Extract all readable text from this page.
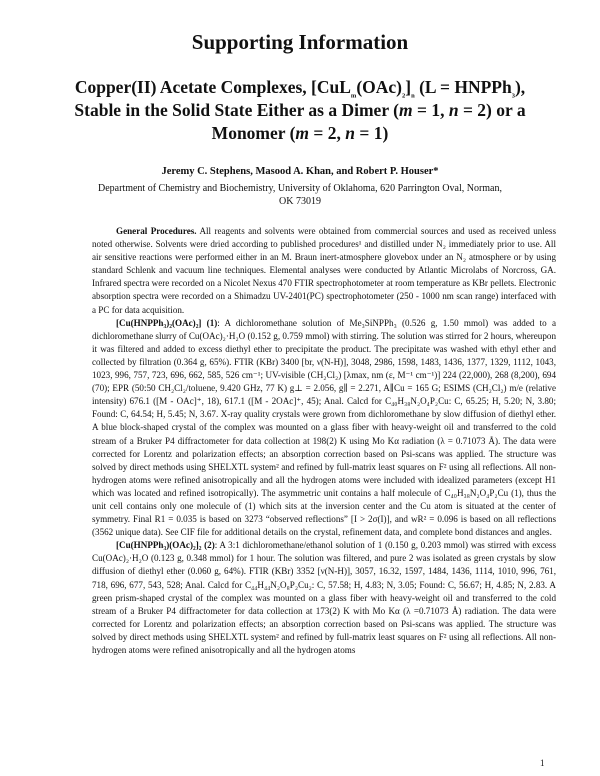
Supporting Information
Copper(II) Acetate Complexes, $[CuL_m(OAc)_2]_n$ (L = HNPPh$_3$), Stable in the Solid State Either as a Dimer (m = 1, n = 2) or a Monomer (m = 2, n = 1)
Jeremy C. Stephens, Masood A. Khan, and Robert P. Houser*
Department of Chemistry and Biochemistry, University of Oklahoma, 620 Parrington Oval, Norman, OK 73019

General Procedures. All reagents and solvents were obtained from commercial sources and used as received unless noted otherwise. Solvents were dried according to published procedures¹ and distilled under N₂ immediately prior to use. All air sensitive reactions were performed either in an M. Braun inert-atmosphere glovebox under an N₂ atmosphere or by using standard Schlenk and vacuum line techniques. Elemental analyses were conducted by Atlantic Microlabs of Norcross, GA. Infrared spectra were recorded on a Nicolet Nexus 470 FTIR spectrophotometer at room temperature as KBr pellets. Electronic absorption spectra were recorded on a Shimadzu UV-2401(PC) spectrophotometer (250 - 1000 nm scan range) interfaced with a PC for data acquisition.

[Cu(HNPPh₃)₂(OAc)₂] (1): A dichloromethane solution of Me₃SiNPPh₃ (0.526 g, 1.50 mmol) was added to a dichloromethane slurry of Cu(OAc)₂·H₂O (0.152 g, 0.759 mmol) with stirring. The solution was stirred for 2 hours, whereupon it was filtered and added to excess diethyl ether to precipitate the product. The precipitate was washed with ethyl ether and collected by filtration (0.364 g, 65%). FTIR (KBr) 3400 [br, ν(N-H)], 3048, 2986, 1598, 1483, 1436, 1377, 1329, 1112, 1043, 1023, 996, 757, 723, 696, 662, 585, 526 cm⁻¹; UV-visible (CH₂Cl₂) [λmax, nm (ε, M⁻¹ cm⁻¹)] 224 (22,000), 268 (8,200), 694 (70); EPR (50:50 CH₂Cl₂/toluene, 9.420 GHz, 77 K) g⊥ = 2.056, g∥ = 2.271, A∥Cu = 165 G; ESIMS (CH₂Cl₂) m/e (relative intensity) 676.1 ([M - OAc]⁺, 18), 617.1 ([M - 2OAc]⁺, 45); Anal. Calcd for C₄₀H₃₈N₂O₄P₂Cu: C, 65.25; H, 5.20; N, 3.80; Found: C, 64.54; H, 5.45; N, 3.67. X-ray quality crystals were grown from dichloromethane by slow diffusion of diethyl ether. A blue block-shaped crystal of the complex was mounted on a glass fiber with heavy-weight oil and transferred to the cold stream of a Bruker P4 diffractometer for data collection at 198(2) K using Mo Kα radiation (λ = 0.71073 Å). The data were corrected for Lorentz and polarization effects; an absorption correction based on Psi-scans was applied. The structure was solved by direct methods using SHELXTL system² and refined by full-matrix least squares on F² using all reflections. All non-hydrogen atoms were refined anisotropically and all the hydrogen atoms were included with idealized parameters (except H1 which was located and refined isotropically). The asymmetric unit contains a half molecule of C₄₀H₃₈N₂O₄P₂Cu (1), thus the unit cell contains only one molecule of (1) which sits at the inversion center and the Cu atom is situated at the center of symmetry. Final R1 = 0.035 is based on 3273 “observed reflections” [I > 2σ(I)], and wR² = 0.096 is based on all reflections (3562 unique data). See CIF file for additional details on the crystal, refinement data, and complete bond distances and angles.

[Cu(HNPPh₃)(OAc)₂]₂ (2): A 3:1 dichloromethane/ethanol solution of 1 (0.150 g, 0.203 mmol) was stirred with excess Cu(OAc)₂·H₂O (0.123 g, 0.348 mmol) for 1 hour. The solution was filtered, and pure 2 was isolated as green crystals by slow diffusion of diethyl ether (0.060 g, 64%). FTIR (KBr) 3352 [ν(N-H)], 3057, 16.32, 1597, 1484, 1436, 1114, 1010, 996, 761, 718, 696, 677, 543, 528; Anal. Calcd for C₄₄H₄₄N₂O₈P₂Cu₂: C, 57.58; H, 4.83; N, 3.05; Found: C, 56.67; H, 4.85; N, 2.83. A green prism-shaped crystal of the complex was mounted on a glass fiber with heavy-weight oil and transferred to the cold stream of a Bruker P4 diffractometer for data collection at 173(2) K with Mo Kα (λ =0.71073 Å) radiation. The data were corrected for Lorentz and polarization effects; an absorption correction based on Psi-scans was applied. The structure was solved by direct methods using SHELXTL system² and refined by full-matrix least squares on F² using all reflections. All non-hydrogen atoms were refined anisotropically and all the hydrogen atoms

1
